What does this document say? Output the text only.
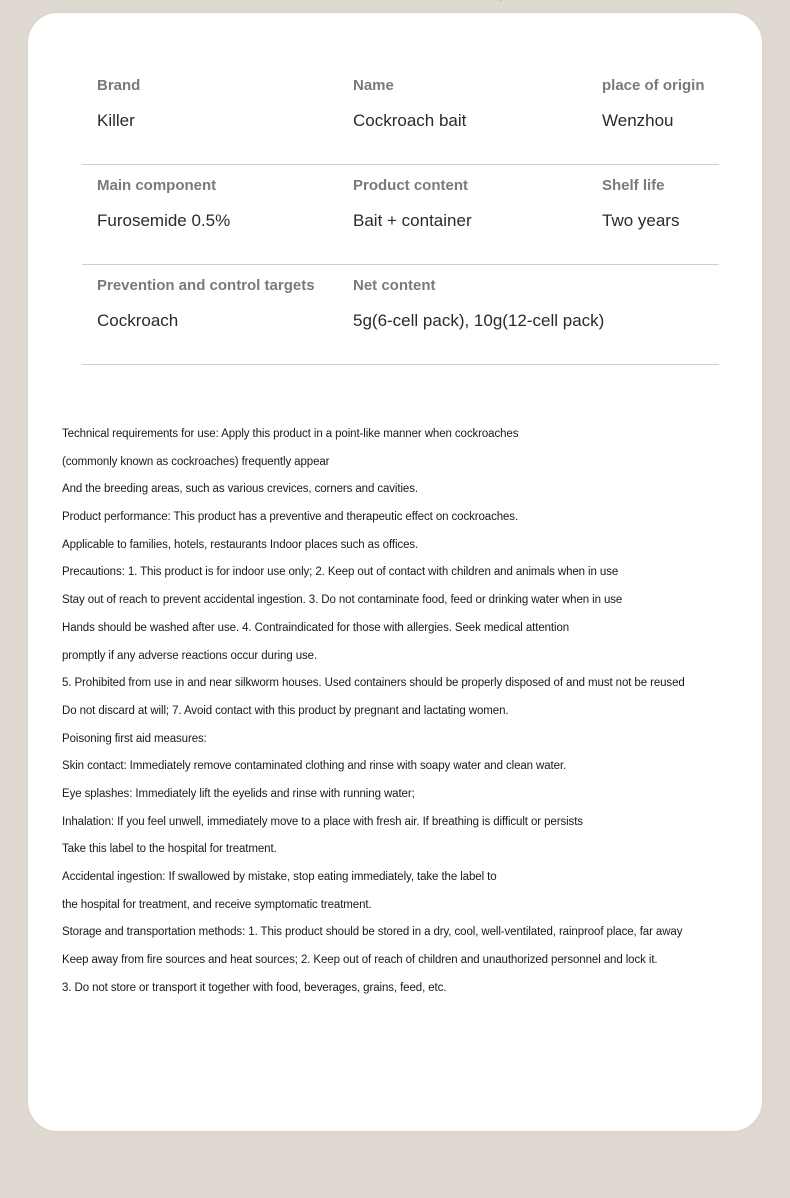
Brand
Killer
Name
Cockroach bait
place of origin
Wenzhou
Main component
Furosemide 0.5%
Product content
Bait + container
Shelf life
Two years
Prevention and control targets
Cockroach
Net content
5g(6-cell pack), 10g(12-cell pack)
Technical requirements for use: Apply this product in a point-like manner when cockroaches
(commonly known as cockroaches) frequently appear
And the breeding areas, such as various crevices, corners and cavities.
Product performance: This product has a preventive and therapeutic effect on cockroaches.
Applicable to families, hotels, restaurants Indoor places such as offices.
Precautions: 1. This product is for indoor use only; 2. Keep out of contact with children and animals when in use
Stay out of reach to prevent accidental ingestion. 3. Do not contaminate food, feed or drinking water when in use
Hands should be washed after use. 4. Contraindicated for those with allergies. Seek medical attention
promptly if any adverse reactions occur during use.
5. Prohibited from use in and near silkworm houses. Used containers should be properly disposed of and must not be reused
Do not discard at will; 7. Avoid contact with this product by pregnant and lactating women.
Poisoning first aid measures:
Skin contact: Immediately remove contaminated clothing and rinse with soapy water and clean water.
Eye splashes: Immediately lift the eyelids and rinse with running water;
Inhalation: If you feel unwell, immediately move to a place with fresh air. If breathing is difficult or persists
Take this label to the hospital for treatment.
Accidental ingestion: If swallowed by mistake, stop eating immediately, take the label to
the hospital for treatment, and receive symptomatic treatment.
Storage and transportation methods: 1. This product should be stored in a dry, cool, well-ventilated, rainproof place, far away
Keep away from fire sources and heat sources; 2. Keep out of reach of children and unauthorized personnel and lock it.
3. Do not store or transport it together with food, beverages, grains, feed, etc.
